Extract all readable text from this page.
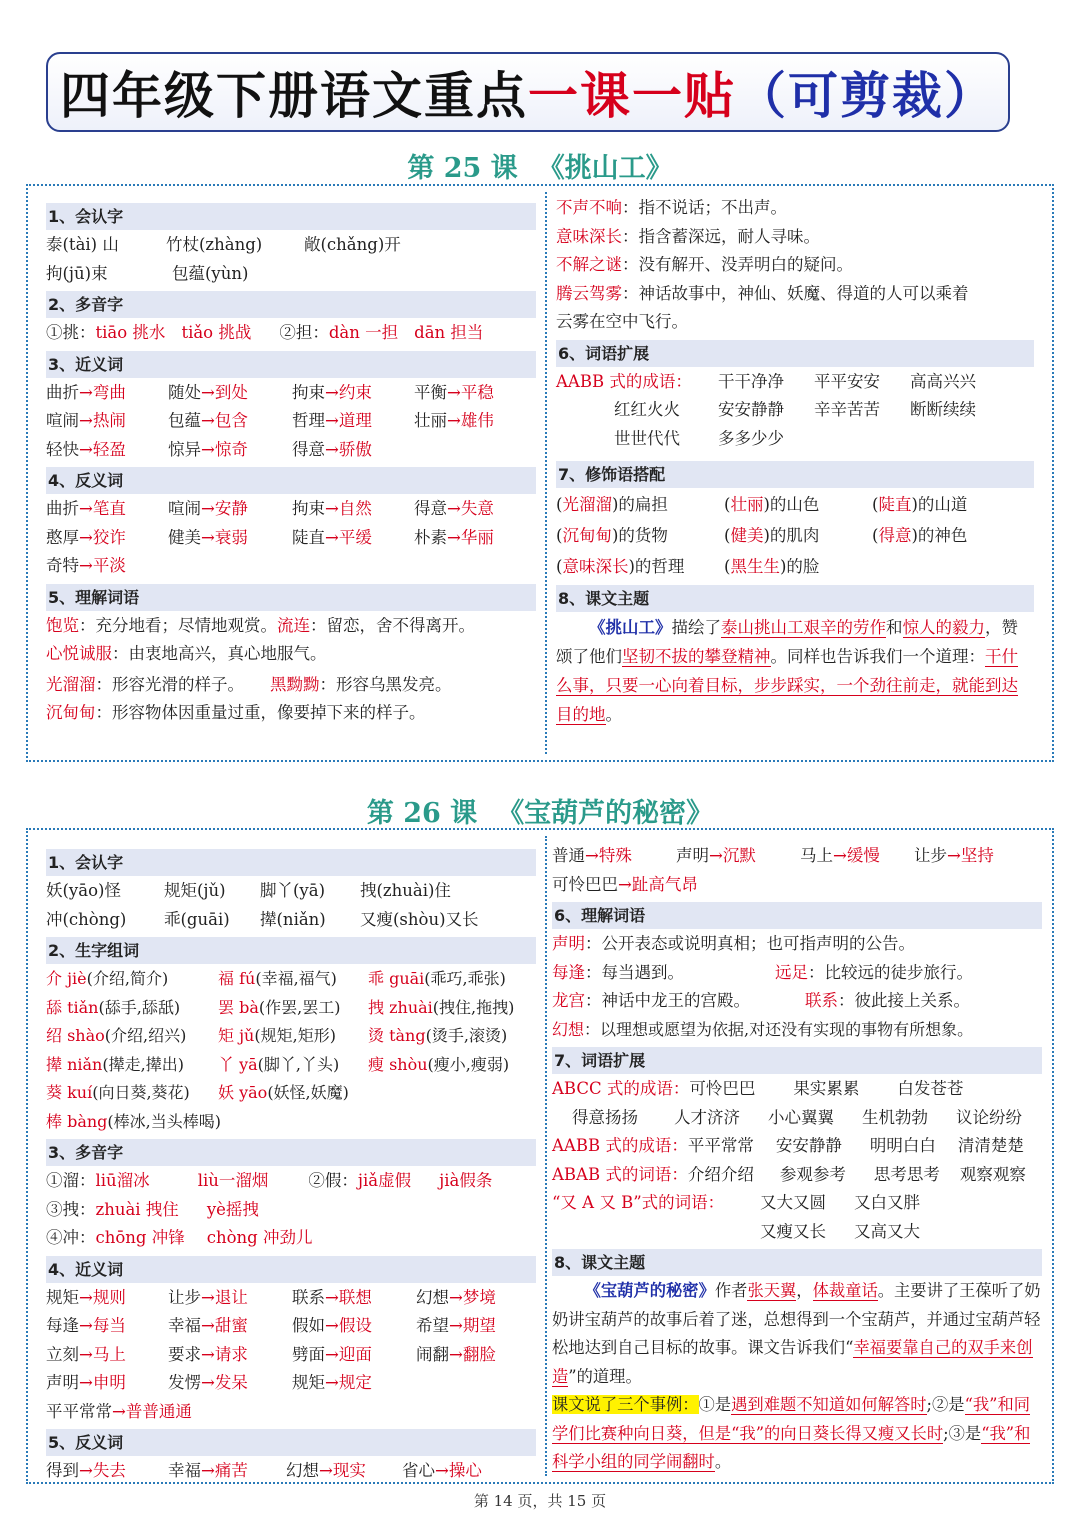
四年级下册语文重点 一课一贴 （可剪裁）
第 25 课 《挑山工》
1、会认字
泰(tài) 山	竹杖(zhàng)	敞(chǎng)开
拘(jū)束	包蕴(yùn)
2、多音字
①挑：tiāo 挑水 tiǎo 挑战 ②担：dàn 一担 dān 担当
3、近义词
曲折→弯曲	随处→到处	拘束→约束	平衡→平稳
喧闹→热闹	包蕴→包含	哲理→道理	壮丽→雄伟
轻快→轻盈	惊异→惊奇	得意→骄傲
4、反义词
曲折→笔直	喧闹→安静	拘束→自然	得意→失意
憨厚→狡诈	健美→衰弱	陡直→平缓	朴素→华丽
奇特→平淡
5、理解词语
饱览：充分地看；尽情地观赏。流连：留恋，舍不得离开。
心悦诚服：由衷地高兴，真心地服气。
光溜溜：形容光滑的样子。 黑黝黝：形容乌黑发亮。
沉甸甸：形容物体因重量过重，像要掉下来的样子。
不声不响：指不说话；不出声。
意味深长：指含蓄深远，耐人寻味。
不解之谜：没有解开、没弄明白的疑问。
腾云驾雾：神话故事中，神仙、妖魔、得道的人可以乘着
云雾在空中飞行。
6、词语扩展
AABB 式的成语： 干干净净 平平安安 高高兴兴
红红火火 安安静静 辛辛苦苦 断断续续
世世代代 多多少少
7、修饰语搭配
(光溜溜)的扁担	(壮丽)的山色	(陡直)的山道
(沉甸甸)的货物	(健美)的肌肉	(得意)的神色
(意味深长)的哲理 (黑生生)的脸
8、课文主题
《挑山工》描绘了泰山挑山工艰辛的劳作和惊人的毅力，赞颂了他们坚韧不拔的攀登精神。同样也告诉我们一个道理：干什么事，只要一心向着目标，步步踩实，一个劲往前走，就能到达目的地。
第 26 课 《宝葫芦的秘密》
1、会认字
妖(yāo)怪	规矩(jǔ) 脚丫(yā) 拽(zhuài)住
冲(chòng) 乖(guāi) 撵(niǎn) 又瘦(shòu)又长
2、生字组词
介 jiè(介绍,简介)	福 fú(幸福,福气) 乖 guāi(乖巧,乖张)
舔 tiǎn(舔手,舔舐) 罢 bà(作罢,罢工) 拽 zhuài(拽住,拖拽)
绍 shào(介绍,绍兴) 矩 jǔ(规矩,矩形) 烫 tàng(烫手,滚烫)
撵 niǎn(撵走,撵出) 丫 yā(脚丫,丫头) 瘦 shòu(瘦小,瘦弱)
葵 kuí(向日葵,葵花) 妖 yāo(妖怪,妖魔)
棒 bàng(棒冰,当头棒喝)
3、多音字
①溜：liū溜冰	liù一溜烟 ②假：jiǎ虚假 jià假条
③拽：zhuài 拽住 yè摇拽
④冲：chōng 冲锋 chòng 冲劲儿
4、近义词
规矩→规则	让步→退让	联系→联想	幻想→梦境
每逢→每当	幸福→甜蜜	假如→假设	希望→期望
立刻→马上	要求→请求	劈面→迎面	闹翻→翻脸
声明→申明	发愣→发呆	规矩→规定
平平常常→普普通通
5、反义词
得到→失去	幸福→痛苦 幻想→现实 省心→操心
普通→特殊	声明→沉默	马上→缓慢 让步→坚持
可怜巴巴→趾高气昂
6、理解词语
声明：公开表态或说明真相；也可指声明的公告。
每逢：每当遇到。	远足：比较远的徒步旅行。
龙宫：神话中龙王的宫殿。	联系：彼此接上关系。
幻想：以理想或愿望为依据,对还没有实现的事物有所想象。
7、词语扩展
ABCC 式的成语：可怜巴巴 果实累累 白发苍苍
得意扬扬 人才济济 小心翼翼 生机勃勃 议论纷纷
AABB 式的成语：平平常常 安安静静 明明白白 清清楚楚
ABAB 式的词语：介绍介绍 参观参考 思考思考 观察观察
“又 A 又 B”式的词语： 又大又圆 又白又胖
又瘦又长 又高又大
8、课文主题
《宝葫芦的秘密》作者张天翼，体裁童话。主要讲了王葆听了奶奶讲宝葫芦的故事后着了迷，总想得到一个宝葫芦，并通过宝葫芦轻松地达到自己目标的故事。课文告诉我们“幸福要靠自己的双手来创造”的道理。
课文说了三个事例：①是遇到难题不知道如何解答时;②是“我”和同学们比赛种向日葵，但是“我”的向日葵长得又瘦又长时;③是“我”和科学小组的同学闹翻时。
第 14 页，共 15 页
